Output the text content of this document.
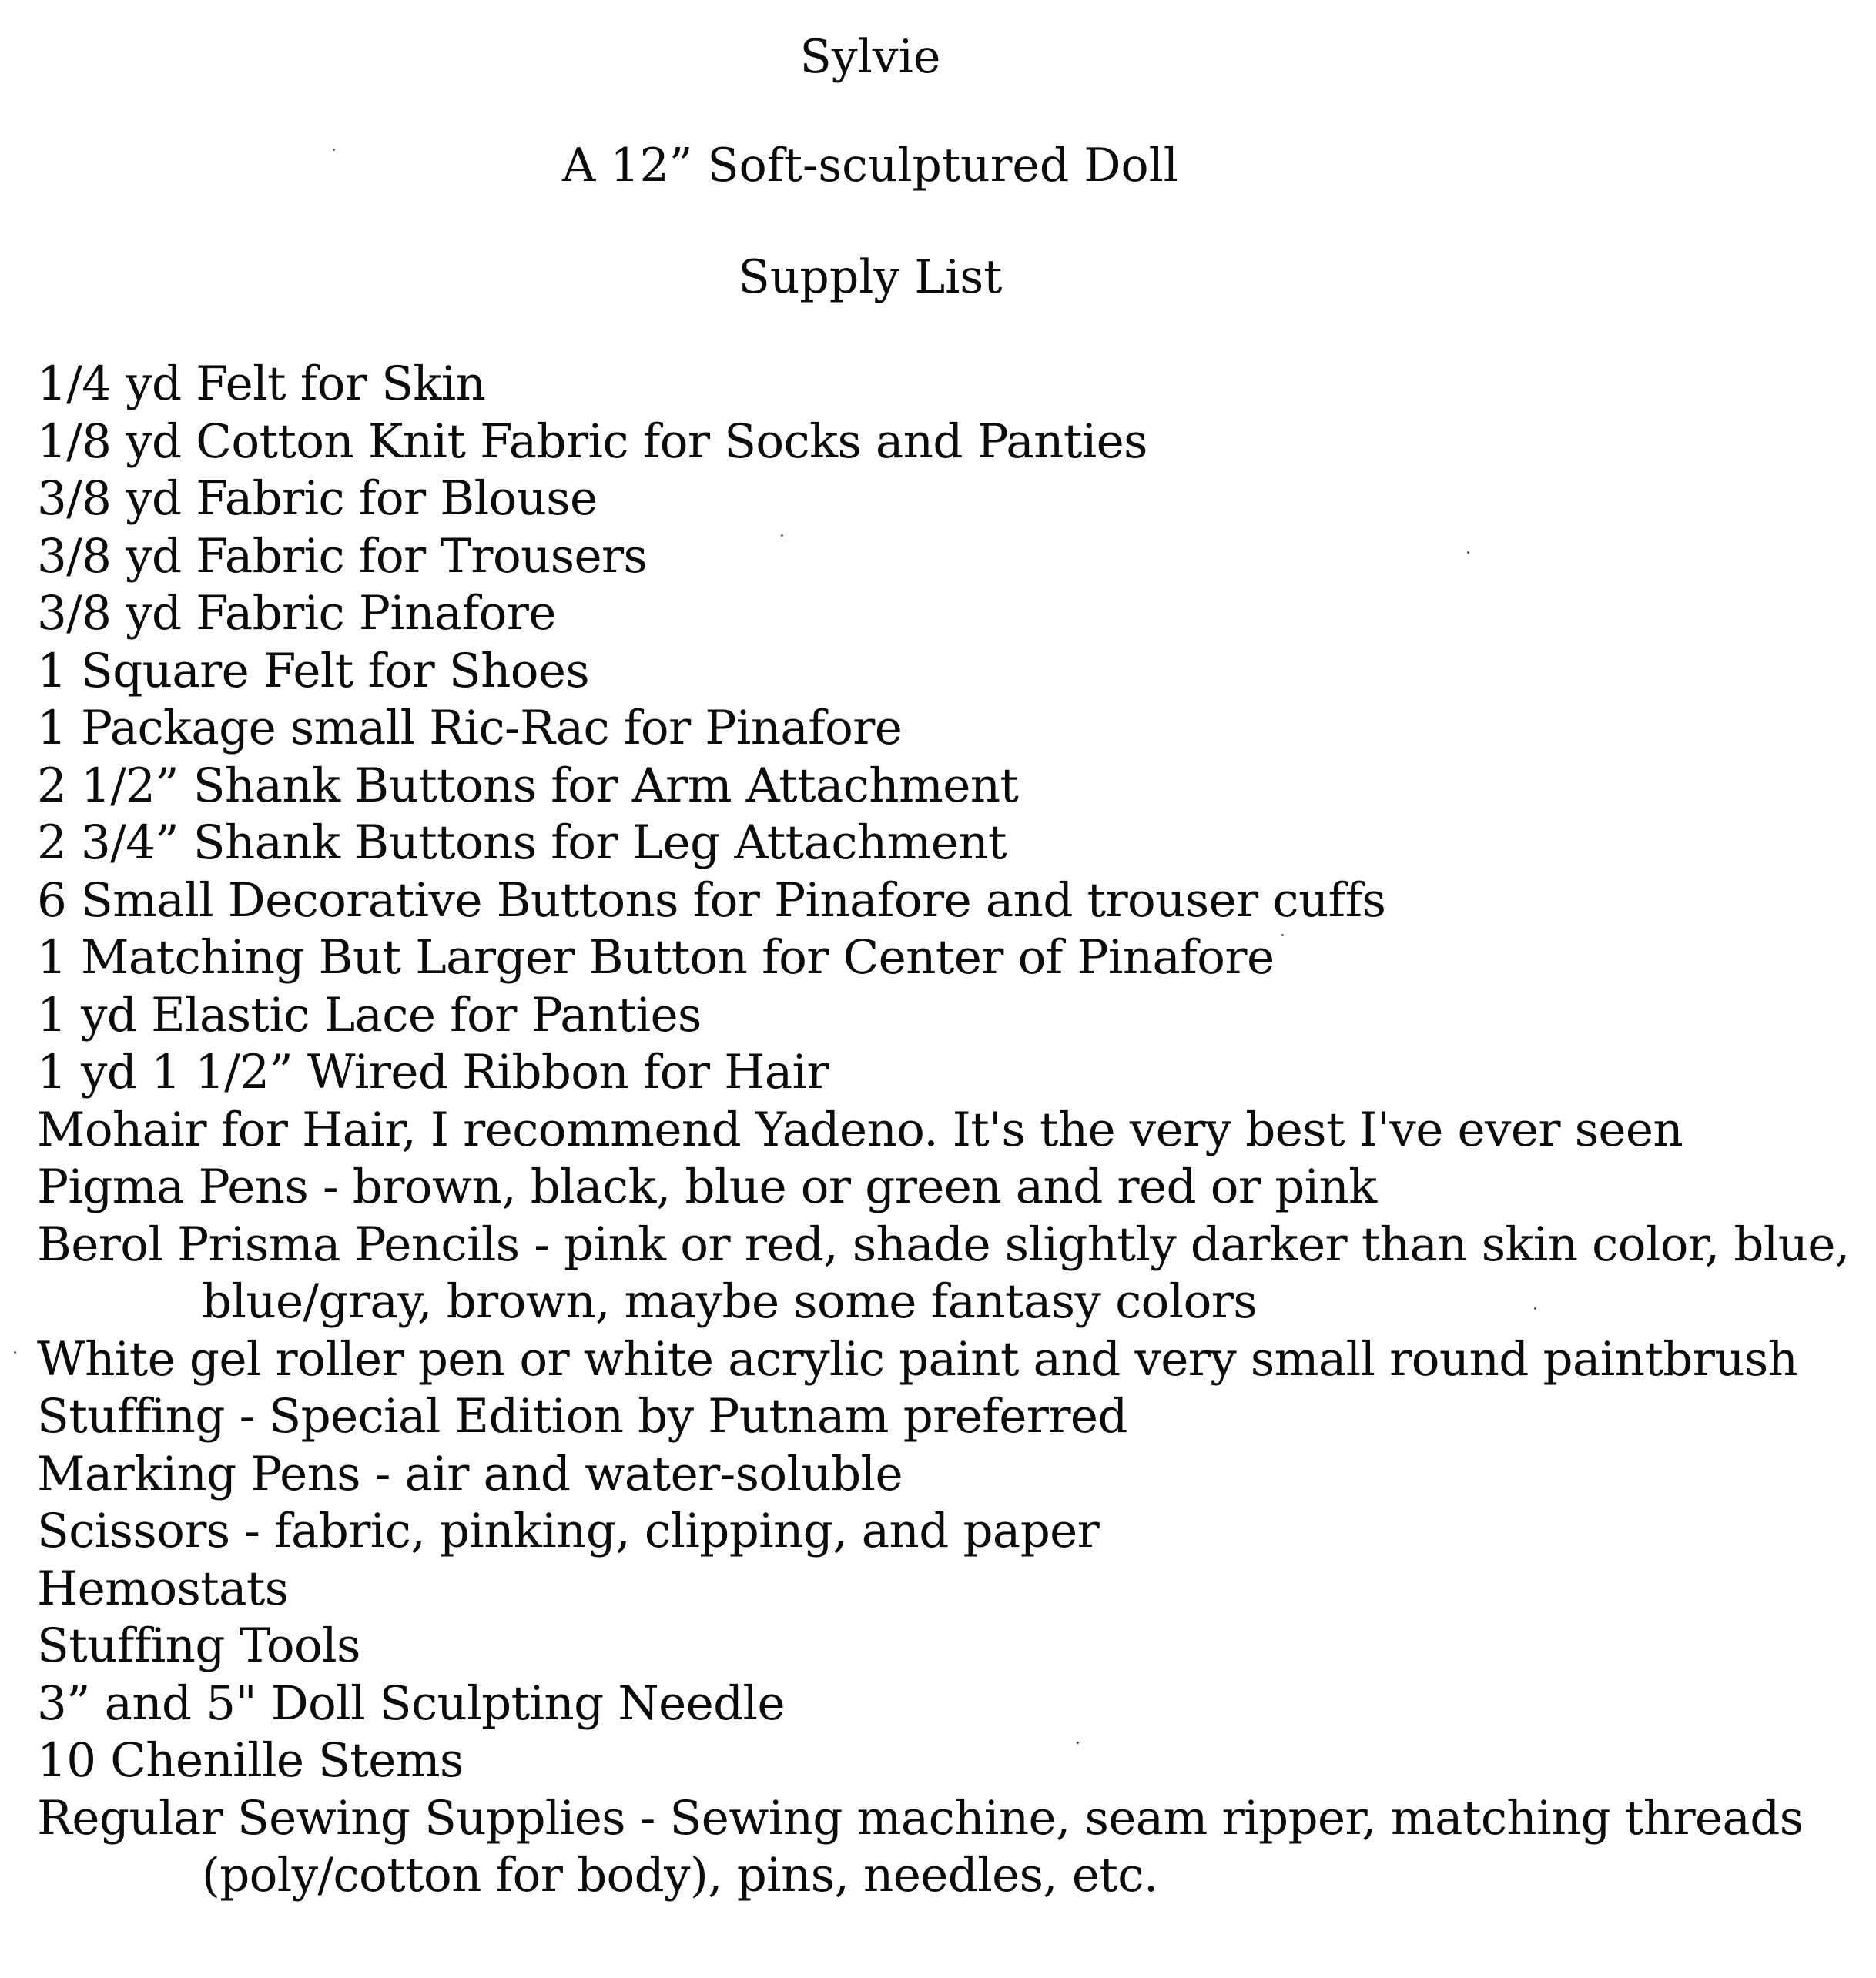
Sylvie
A 12” Soft-sculptured Doll
Supply List
1/4 yd Felt for Skin
1/8 yd Cotton Knit Fabric for Socks and Panties
3/8 yd Fabric for Blouse
3/8 yd Fabric for Trousers
3/8 yd Fabric Pinafore
1 Square Felt for Shoes
1 Package small Ric-Rac for Pinafore
2 1/2” Shank Buttons for Arm Attachment
2 3/4” Shank Buttons for Leg Attachment
6 Small Decorative Buttons for Pinafore and trouser cuffs
1 Matching But Larger Button for Center of Pinafore
1 yd Elastic Lace for Panties
1 yd 1 1/2” Wired Ribbon for Hair
Mohair for Hair, I recommend Yadeno. It's the very best I've ever seen
Pigma Pens - brown, black, blue or green and red or pink
Berol Prisma Pencils - pink or red, shade slightly darker than skin color, blue,
blue/gray, brown, maybe some fantasy colors
White gel roller pen or white acrylic paint and very small round paintbrush
Stuffing - Special Edition by Putnam preferred
Marking Pens - air and water-soluble
Scissors - fabric, pinking, clipping, and paper
Hemostats
Stuffing Tools
3” and 5" Doll Sculpting Needle
10 Chenille Stems
Regular Sewing Supplies - Sewing machine, seam ripper, matching threads
(poly/cotton for body), pins, needles, etc.
